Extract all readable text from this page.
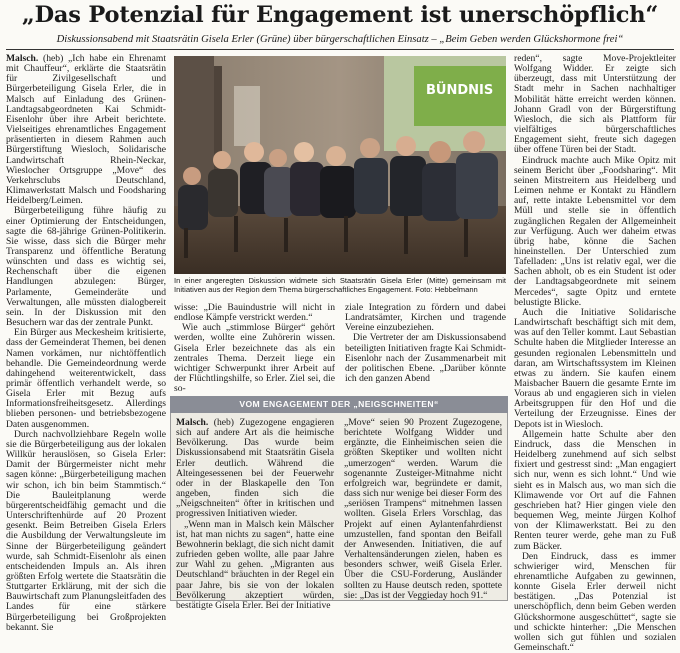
„Das Potenzial für Engagement ist unerschöpflich“
Diskussionsabend mit Staatsrätin Gisela Erler (Grüne) über bürgerschaftlichen Einsatz – „Beim Geben werden Glückshormone frei“

Malsch. (heb) „Ich habe ein Ehrenamt mit Chauffeur“, erklärte die Staatsrätin für Zivilgesellschaft und Bürgerbeteiligung Gisela Erler, die in Malsch auf Einladung des Grünen-Landtagsabgeordneten Kai Schmidt-Eisenlohr über ihre Arbeit berichtete. Vielseitiges ehrenamtliches Engagement präsentierten in diesem Rahmen auch Bürgerstiftung Wiesloch, Solidarische Landwirtschaft Rhein-Neckar, Wieslocher Ortsgruppe „Move“ des Verkehrsclubs Deutschland, Klimawerkstatt Malsch und Foodsharing Heidelberg/Leimen.

Bürgerbeteiligung führe häufig zu einer Optimierung der Entscheidungen, sagte die 68-jährige Grünen-Politikerin. Sie wisse, dass sich die Bürger mehr Transparenz und öffentliche Beratung wünschten und dass es wichtig sei, Rechenschaft über die eigenen Handlungen abzulegen: Bürger, Parlamente, Gemeinderäte und Verwaltungen, alle müssten dialogbereit sein. In der Diskussion mit den Besuchern war das der zentrale Punkt.

Ein Bürger aus Meckesheim kritisierte, dass der Gemeinderat Themen, bei denen Namen vorkämen, nur nichtöffentlich behandle. Die Gemeindeordnung werde dahingehend weiterentwickelt, dass primär öffentlich verhandelt werde, so Gisela Erler mit Bezug aufs Informationsfreiheitsgesetz. Allerdings blieben personen- und betriebsbezogene Daten ausgenommen.

Durch nachvollziehbare Regeln wolle sie die Bürgerbeteiligung aus der lokalen Willkür herauslösen, so Gisela Erler: Damit der Bürgermeister nicht mehr sagen könne: „Bürgerbeteiligung machen wir schon, ich bin beim Stammtisch.“ Die Bauleitplanung werde bürgerentscheidfähig gemacht und die Unterschriftenhürde auf 20 Prozent gesenkt. Beim Betreiben Gisela Erlers die Ausbildung der Verwaltungsleute im Sinne der Bürgerbeteiligung geändert wurde, sah Schmidt-Eisenlohr als einen entscheidenden Impuls an. Als ihren größten Erfolg wertete die Staatsrätin die Stuttgarter Erklärung, mit der sich die Bauwirtschaft zum Planungsleitfaden des Landes für eine stärkere Bürgerbeteiligung bei Großprojekten bekannt. Sie

BÜNDNIS
In einer angeregten Diskussion widmete sich Staatsrätin Gisela Erler (Mitte) gemeinsam mit Initiativen aus der Region dem Thema bürgerschaftliches Engagement. Foto: Hebbelmann

wisse: „Die Bauindustrie will nicht in endlose Kämpfe verstrickt werden.“

Wie auch „stimmlose Bürger“ gehört werden, wollte eine Zuhörerin wissen. Gisela Erler bezeichnete das als ein zentrales Thema. Derzeit liege ein wichtiger Schwerpunkt ihrer Arbeit auf der Flüchtlingshilfe, so Erler. Ziel sei, die so-

ziale Integration zu fördern und dabei Landratsämter, Kirchen und tragende Vereine einzubeziehen.

Die Vertreter der am Diskussionsabend beteiligten Initiativen fragte Kai Schmidt-Eisenlohr nach der Zusammenarbeit mit der politischen Ebene. „Darüber könnte ich den ganzen Abend

VOM ENGAGEMENT DER „NEIGSCHNEITEN“

Malsch. (heb) Zugezogene engagieren sich auf andere Art als die heimische Bevölkerung. Das wurde beim Diskussionsabend mit Staatsrätin Gisela Erler deutlich. Während die Alteingesessenen bei der Feuerwehr oder in der Blaskapelle den Ton angeben, finden sich die „Neigschneiten“ öfter in kritischen und progressiven Initiativen wieder.

„Wenn man in Malsch kein Mälscher ist, hat man nichts zu sagen“, hatte eine Bewohnerin beklagt, die sich nicht damit zufrieden geben wollte, alle paar Jahre zur Wahl zu gehen. „Migranten aus Deutschland“ bräuchten in der Regel ein paar Jahre, bis sie von der lokalen Bevölkerung akzeptiert würden, bestätigte Gisela Erler. Bei der Initiative

„Move“ seien 90 Prozent Zugezogene, berichtete Wolfgang Widder und ergänzte, die Einheimischen seien die größten Skeptiker und wollten nicht „umerzogen“ werden. Warum die sogenannte Zusteiger-Mitnahme nicht erfolgreich war, begründete er damit, dass sich nur wenige bei dieser Form des „seriösen Trampens“ mitnehmen lassen wollten. Gisela Erlers Vorschlag, das Projekt auf einen Aylantenfahrdienst umzustellen, fand spontan den Beifall der Anwesenden. Initiativen, die auf Verhaltensänderungen zielen, haben es besonders schwer, weiß Gisela Erler. Über die CSU-Forderung, Ausländer sollten zu Hause deutsch reden, spottete sie: „Das ist der Veggieday hoch 91.“

reden“, sagte Move-Projektleiter Wolfgang Widder. Er zeigte sich überzeugt, dass mit Unterstützung der Stadt mehr in Sachen nachhaltiger Mobilität hätte erreicht werden können. Johann Gradl von der Bürgerstiftung Wiesloch, die sich als Plattform für vielfältiges bürgerschaftliches Engagement sieht, freute sich dagegen über offene Türen bei der Stadt.

Eindruck machte auch Mike Opitz mit seinem Bericht über „Foodsharing“. Mit seinen Mitstreitern aus Heidelberg und Leimen nehme er Kontakt zu Händlern auf, rette intakte Lebensmittel vor dem Müll und stelle sie in öffentlich zugänglichen Regalen der Allgemeinheit zur Verfügung. Auch wer daheim etwas übrig habe, könne die Sachen hineinstellen. Der Unterschied zum Tafelladen: „Uns ist relativ egal, wer die Sachen abholt, ob es ein Student ist oder der Landtagsabgeordnete mit seinem Mercedes“, sagte Opitz und erntete belustigte Blicke.

Auch die Initiative Solidarische Landwirtschaft beschäftigt sich mit dem, was auf den Teller kommt. Laut Sebastian Schulte haben die Mitglieder Interesse an gesunden regionalen Lebensmitteln und daran, am Wirtschaftssystem im Kleinen etwas zu ändern. Sie kaufen einem Maisbacher Bauern die gesamte Ernte im Voraus ab und engagieren sich in vielen Arbeitsgruppen für den Hof und die Verteilung der Erzeugnisse. Eines der Depots ist in Wiesloch.

Allgemein hatte Schulte aber den Eindruck, dass die Menschen in Heidelberg zunehmend auf sich selbst fixiert und gestresst sind: „Man engagiert sich nur, wenn es sich lohnt.“ Und wie sieht es in Malsch aus, wo man sich die Klimawende vor Ort auf die Fahnen geschrieben hat? Hier gingen viele den bequemen Weg, meinte Jürgen Kolhof von der Klimawerkstatt. Bei zu den Renten teurer werde, gehe man zu Fuß zum Bäcker.

Den Eindruck, dass es immer schwieriger wird, Menschen für ehrenamtliche Aufgaben zu gewinnen, konnte Gisela Erler derweil nicht bestätigen. „Das Potenzial ist unerschöpflich, denn beim Geben werden Glückshormone ausgeschüttet“, sagte sie und schickte hinterher: „Die Menschen wollen sich gut fühlen und sozialen Gemeinschaft.“
